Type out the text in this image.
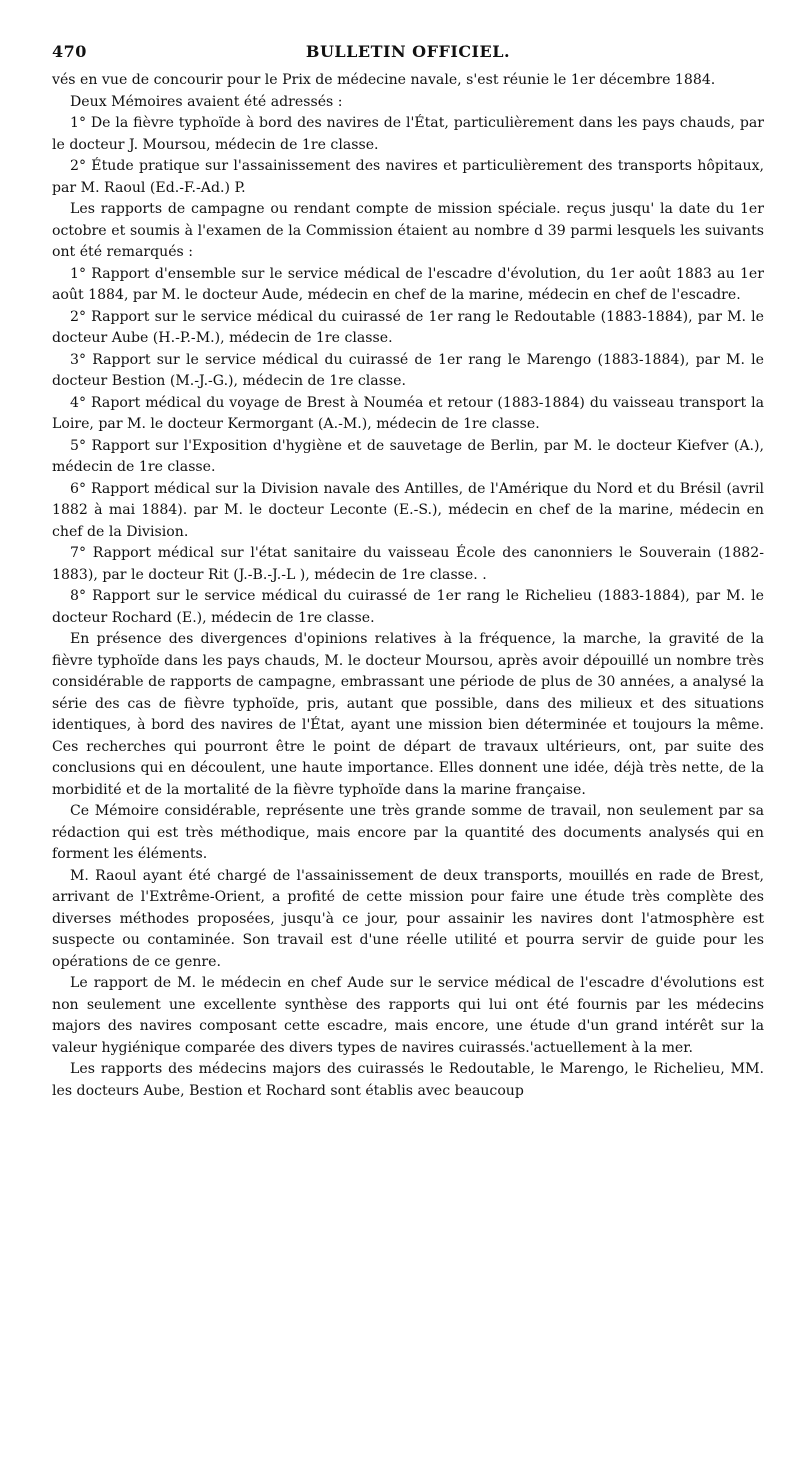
470	BULLETIN OFFICIEL.

vés en vue de concourir pour le Prix de médecine navale, s'est réunie le 1er décembre 1884.

Deux Mémoires avaient été adressés :

1° De la fièvre typhoïde à bord des navires de l'État, particulièrement dans les pays chauds, par le docteur J. Moursou, médecin de 1re classe.

2° Étude pratique sur l'assainissement des navires et particulièrement des transports hôpitaux, par M. Raoul (Ed.-F.-Ad.) P.

Les rapports de campagne ou rendant compte de mission spéciale. reçus jusqu' la date du 1er octobre et soumis à l'examen de la Commission étaient au nombre d 39 parmi lesquels les suivants ont été remarqués :

1° Rapport d'ensemble sur le service médical de l'escadre d'évolution, du 1er août 1883 au 1er août 1884, par M. le docteur Aude, médecin en chef de la marine, médecin en chef de l'escadre.

2° Rapport sur le service médical du cuirassé de 1er rang le Redoutable (1883-1884), par M. le docteur Aube (H.-P.-M.), médecin de 1re classe.

3° Rapport sur le service médical du cuirassé de 1er rang le Marengo (1883-1884), par M. le docteur Bestion (M.-J.-G.), médecin de 1re classe.

4° Raport médical du voyage de Brest à Nouméa et retour (1883-1884) du vaisseau transport la Loire, par M. le docteur Kermorgant (A.-M.), médecin de 1re classe.

5° Rapport sur l'Exposition d'hygiène et de sauvetage de Berlin, par M. le docteur Kiefver (A.), médecin de 1re classe.

6° Rapport médical sur la Division navale des Antilles, de l'Amérique du Nord et du Brésil (avril 1882 à mai 1884). par M. le docteur Leconte (E.-S.), médecin en chef de la marine, médecin en chef de la Division.

7° Rapport médical sur l'état sanitaire du vaisseau École des canonniers le Souverain (1882-1883), par le docteur Rit (J.-B.-J.-L ), médecin de 1re classe. .

8° Rapport sur le service médical du cuirassé de 1er rang le Richelieu (1883-1884), par M. le docteur Rochard (E.), médecin de 1re classe.

En présence des divergences d'opinions relatives à la fréquence, la marche, la gravité de la fièvre typhoïde dans les pays chauds, M. le docteur Moursou, après avoir dépouillé un nombre très considérable de rapports de campagne, embrassant une période de plus de 30 années, a analysé la série des cas de fièvre typhoïde, pris, autant que possible, dans des milieux et des situations identiques, à bord des navires de l'État, ayant une mission bien déterminée et toujours la même. Ces recherches qui pourront être le point de départ de travaux ultérieurs, ont, par suite des conclusions qui en découlent, une haute importance. Elles donnent une idée, déjà très nette, de la morbidité et de la mortalité de la fièvre typhoïde dans la marine française.

Ce Mémoire considérable, représente une très grande somme de travail, non seulement par sa rédaction qui est très méthodique, mais encore par la quantité des documents analysés qui en forment les éléments.

M. Raoul ayant été chargé de l'assainissement de deux transports, mouillés en rade de Brest, arrivant de l'Extrême-Orient, a profité de cette mission pour faire une étude très complète des diverses méthodes proposées, jusqu'à ce jour, pour assainir les navires dont l'atmosphère est suspecte ou contaminée. Son travail est d'une réelle utilité et pourra servir de guide pour les opérations de ce genre.

Le rapport de M. le médecin en chef Aude sur le service médical de l'escadre d'évolutions est non seulement une excellente synthèse des rapports qui lui ont été fournis par les médecins majors des navires composant cette escadre, mais encore, une étude d'un grand intérêt sur la valeur hygiénique comparée des divers types de navires cuirassés.'actuellement à la mer.

Les rapports des médecins majors des cuirassés le Redoutable, le Marengo, le Richelieu, MM. les docteurs Aube, Bestion et Rochard sont établis avec beaucoup
